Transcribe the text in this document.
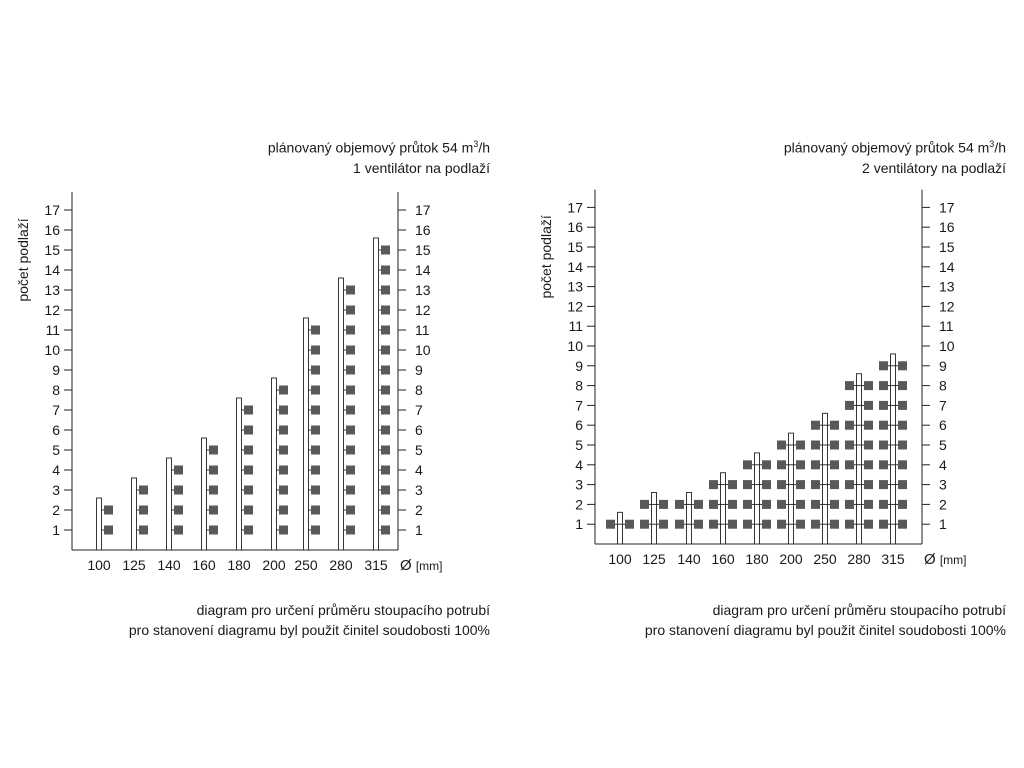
plánovaný objemový průtok 54 $m^3/h$
1 ventilátor na podlaží
1	1
2	2
3	3
4	4
5	5
6	6
7	7
8	8
9	9
10	10
11	11
12	12
13	13
14	14
15	15
16	16
17	17
počet podlaží
100 125 140 160 180 200 250 280 315 Ø [mm]
diagram pro určení průměru stoupacího potrubí
pro stanovení diagramu byl použit činitel soudobosti 100%
plánovaný objemový průtok 54 $m^3/h$
2 ventilátory na podlaží
1	1
2	2
3	3
4	4
5	5
6	6
7	7
8	8
9	9
10	10
11	11
12	12
13	13
14	14
15	15
16	16
17	17
počet podlaží
100 125 140 160 180 200 250 280 315 Ø [mm]
diagram pro určení průměru stoupacího potrubí
pro stanovení diagramu byl použit činitel soudobosti 100%
